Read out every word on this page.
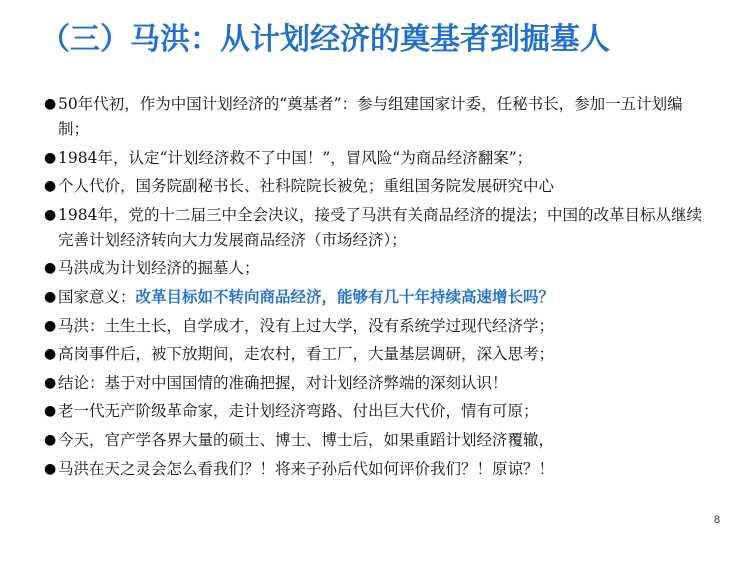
（三）马洪：从计划经济的奠基者到掘墓人
● 50年代初，作为中国计划经济的“奠基者”：参与组建国家计委，任秘书长，参加一五计划编制；
● 1984年，认定“计划经济救不了中国！”，冒风险“为商品经济翻案”；
● 个人代价，国务院副秘书长、社科院院长被免；重组国务院发展研究中心
● 1984年，党的十二届三中全会决议，接受了马洪有关商品经济的提法；中国的改革目标从继续完善计划经济转向大力发展商品经济（市场经济）；
● 马洪成为计划经济的掘墓人；
● 国家意义：改革目标如不转向商品经济，能够有几十年持续高速增长吗？
● 马洪：土生土长，自学成才，没有上过大学，没有系统学过现代经济学；
● 高岗事件后，被下放期间，走农村，看工厂，大量基层调研，深入思考；
● 结论：基于对中国国情的准确把握，对计划经济弊端的深刻认识！
● 老一代无产阶级革命家，走计划经济弯路、付出巨大代价，情有可原；
● 今天，官产学各界大量的硕士、博士、博士后，如果重蹈计划经济覆辙，
● 马洪在天之灵会怎么看我们？！将来子孙后代如何评价我们？！原谅？！
8
